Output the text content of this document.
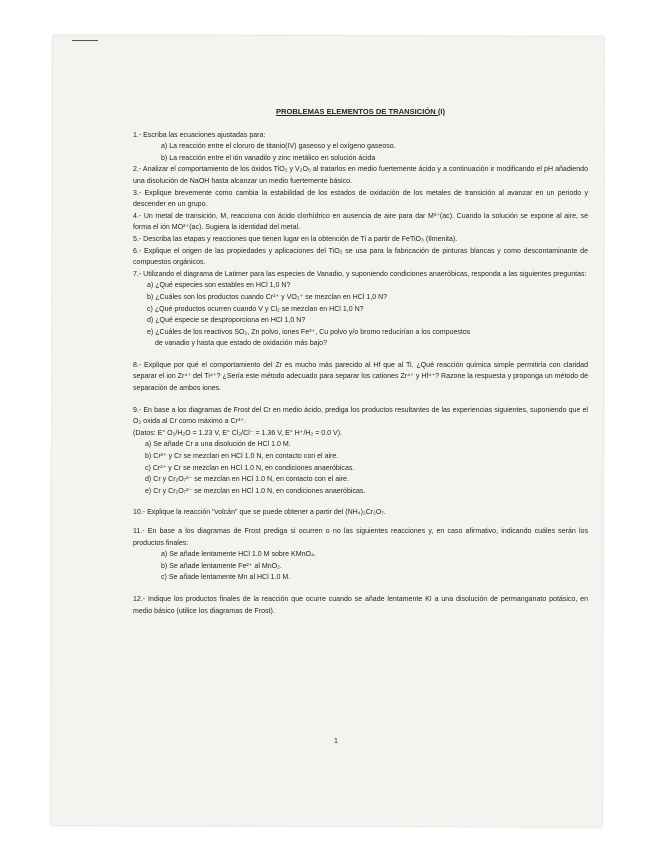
PROBLEMAS ELEMENTOS DE TRANSICIÓN (I)

1.- Escriba las ecuaciones ajustadas para:

a) La reacción entre el cloruro de titanio(IV) gaseoso y el oxígeno gaseoso.

b) La reacción entre el ión vanadilo y zinc metálico en solución ácida

2.- Analizar el comportamiento de los óxidos TiO₂ y V₂O₅ al tratarlos en medio fuertemente ácido y a continuación ir modificando el pH añadiendo una disolución de NaOH hasta alcanzar un medio fuertemente básico.

3.- Explique brevemente como cambia la estabilidad de los estados de oxidación de los metales de transición al avanzar en un periodo y descender en un grupo.

4.- Un metal de transición, M, reacciona con ácido clorhídrico en ausencia de aire para dar M³⁺(ac). Cuando la solución se expone al aire, se forma el ión MO²⁺(ac). Sugiera la identidad del metal.

5.- Describa las etapas y reacciones que tienen lugar en la obtención de Ti a partir de FeTiO₃ (Ilmenita).

6.- Explique el origen de las propiedades y aplicaciones del TiO₂ se usa para la fabricación de pinturas blancas y como descontaminante de compuestos orgánicos.

7.- Utilizando el diagrama de Latimer para las especies de Vanadio, y suponiendo condiciones anaeróbicas, responda a las siguientes preguntas:

a) ¿Qué especies son estables en HCl 1,0 N?

b) ¿Cuáles son los productos cuando Cr²⁺ y VO₂⁺ se mezclan en HCl 1,0 N?

c) ¿Qué productos ocurren cuando V y Cl₂ se mezclan en HCl 1,0 N?

d) ¿Qué especie se desproporciona en HCl 1,0 N?

e) ¿Cuáles de los reactivos SO₂, Zn polvo, iones Fe³⁺, Cu polvo y/o bromo reducirían a los compuestos

de vanadio y hasta que estado de oxidación más bajo?

8.- Explique por qué el comportamiento del Zr es mucho más parecido al Hf que al Ti. ¿Qué reacción química simple permitiría con claridad separar el ion Zr⁴⁺ del Ti⁴⁺? ¿Sería este método adecuado para separar los cationes Zr⁴⁺ y Hf⁴⁺? Razone la respuesta y proponga un método de separación de ambos iones.

9.- En base a los diagramas de Frost del Cr en medio ácido, prediga los productos resultantes de las experiencias siguientes, suponiendo que el O₂ oxida al Cr como máximo a Cr³⁺.

(Datos: E° O₂/H₂O = 1.23 V, E° Cl₂/Cl⁻ = 1.36 V, E° H⁺/H₂ = 0.0 V).

a) Se añade Cr a una disolución de HCl 1.0 M.

b) Cr²⁺ y Cr se mezclan en HCl 1.0 N, en contacto con el aire.

c) Cr²⁺ y Cr se mezclan en HCl 1.0 N, en condiciones anaeróbicas.

d) Cr y Cr₂O₇²⁻ se mezclan en HCl 1.0 N, en contacto con el aire.

e) Cr y Cr₂O₇²⁻ se mezclan en HCl 1.0 N, en condiciones anaeróbicas.

10.- Explique la reacción "volcán" que se puede obtener a partir del (NH₄)₂Cr₂O₇.

11.- En base a los diagramas de Frost prediga si ocurren o no las siguientes reacciones y, en caso afirmativo, indicando cuáles serán los productos finales:

a) Se añade lentamente HCl 1.0 M sobre KMnO₄.

b) Se añade lentamente Fe²⁺ al MnO₂.

c) Se añade lentamente Mn al HCl 1.0 M.

12.- Indique los productos finales de la reacción que ocurre cuando se añade lentamente KI a una disolución de permanganato potásico, en medio básico (utilice los diagramas de Frost).

1
